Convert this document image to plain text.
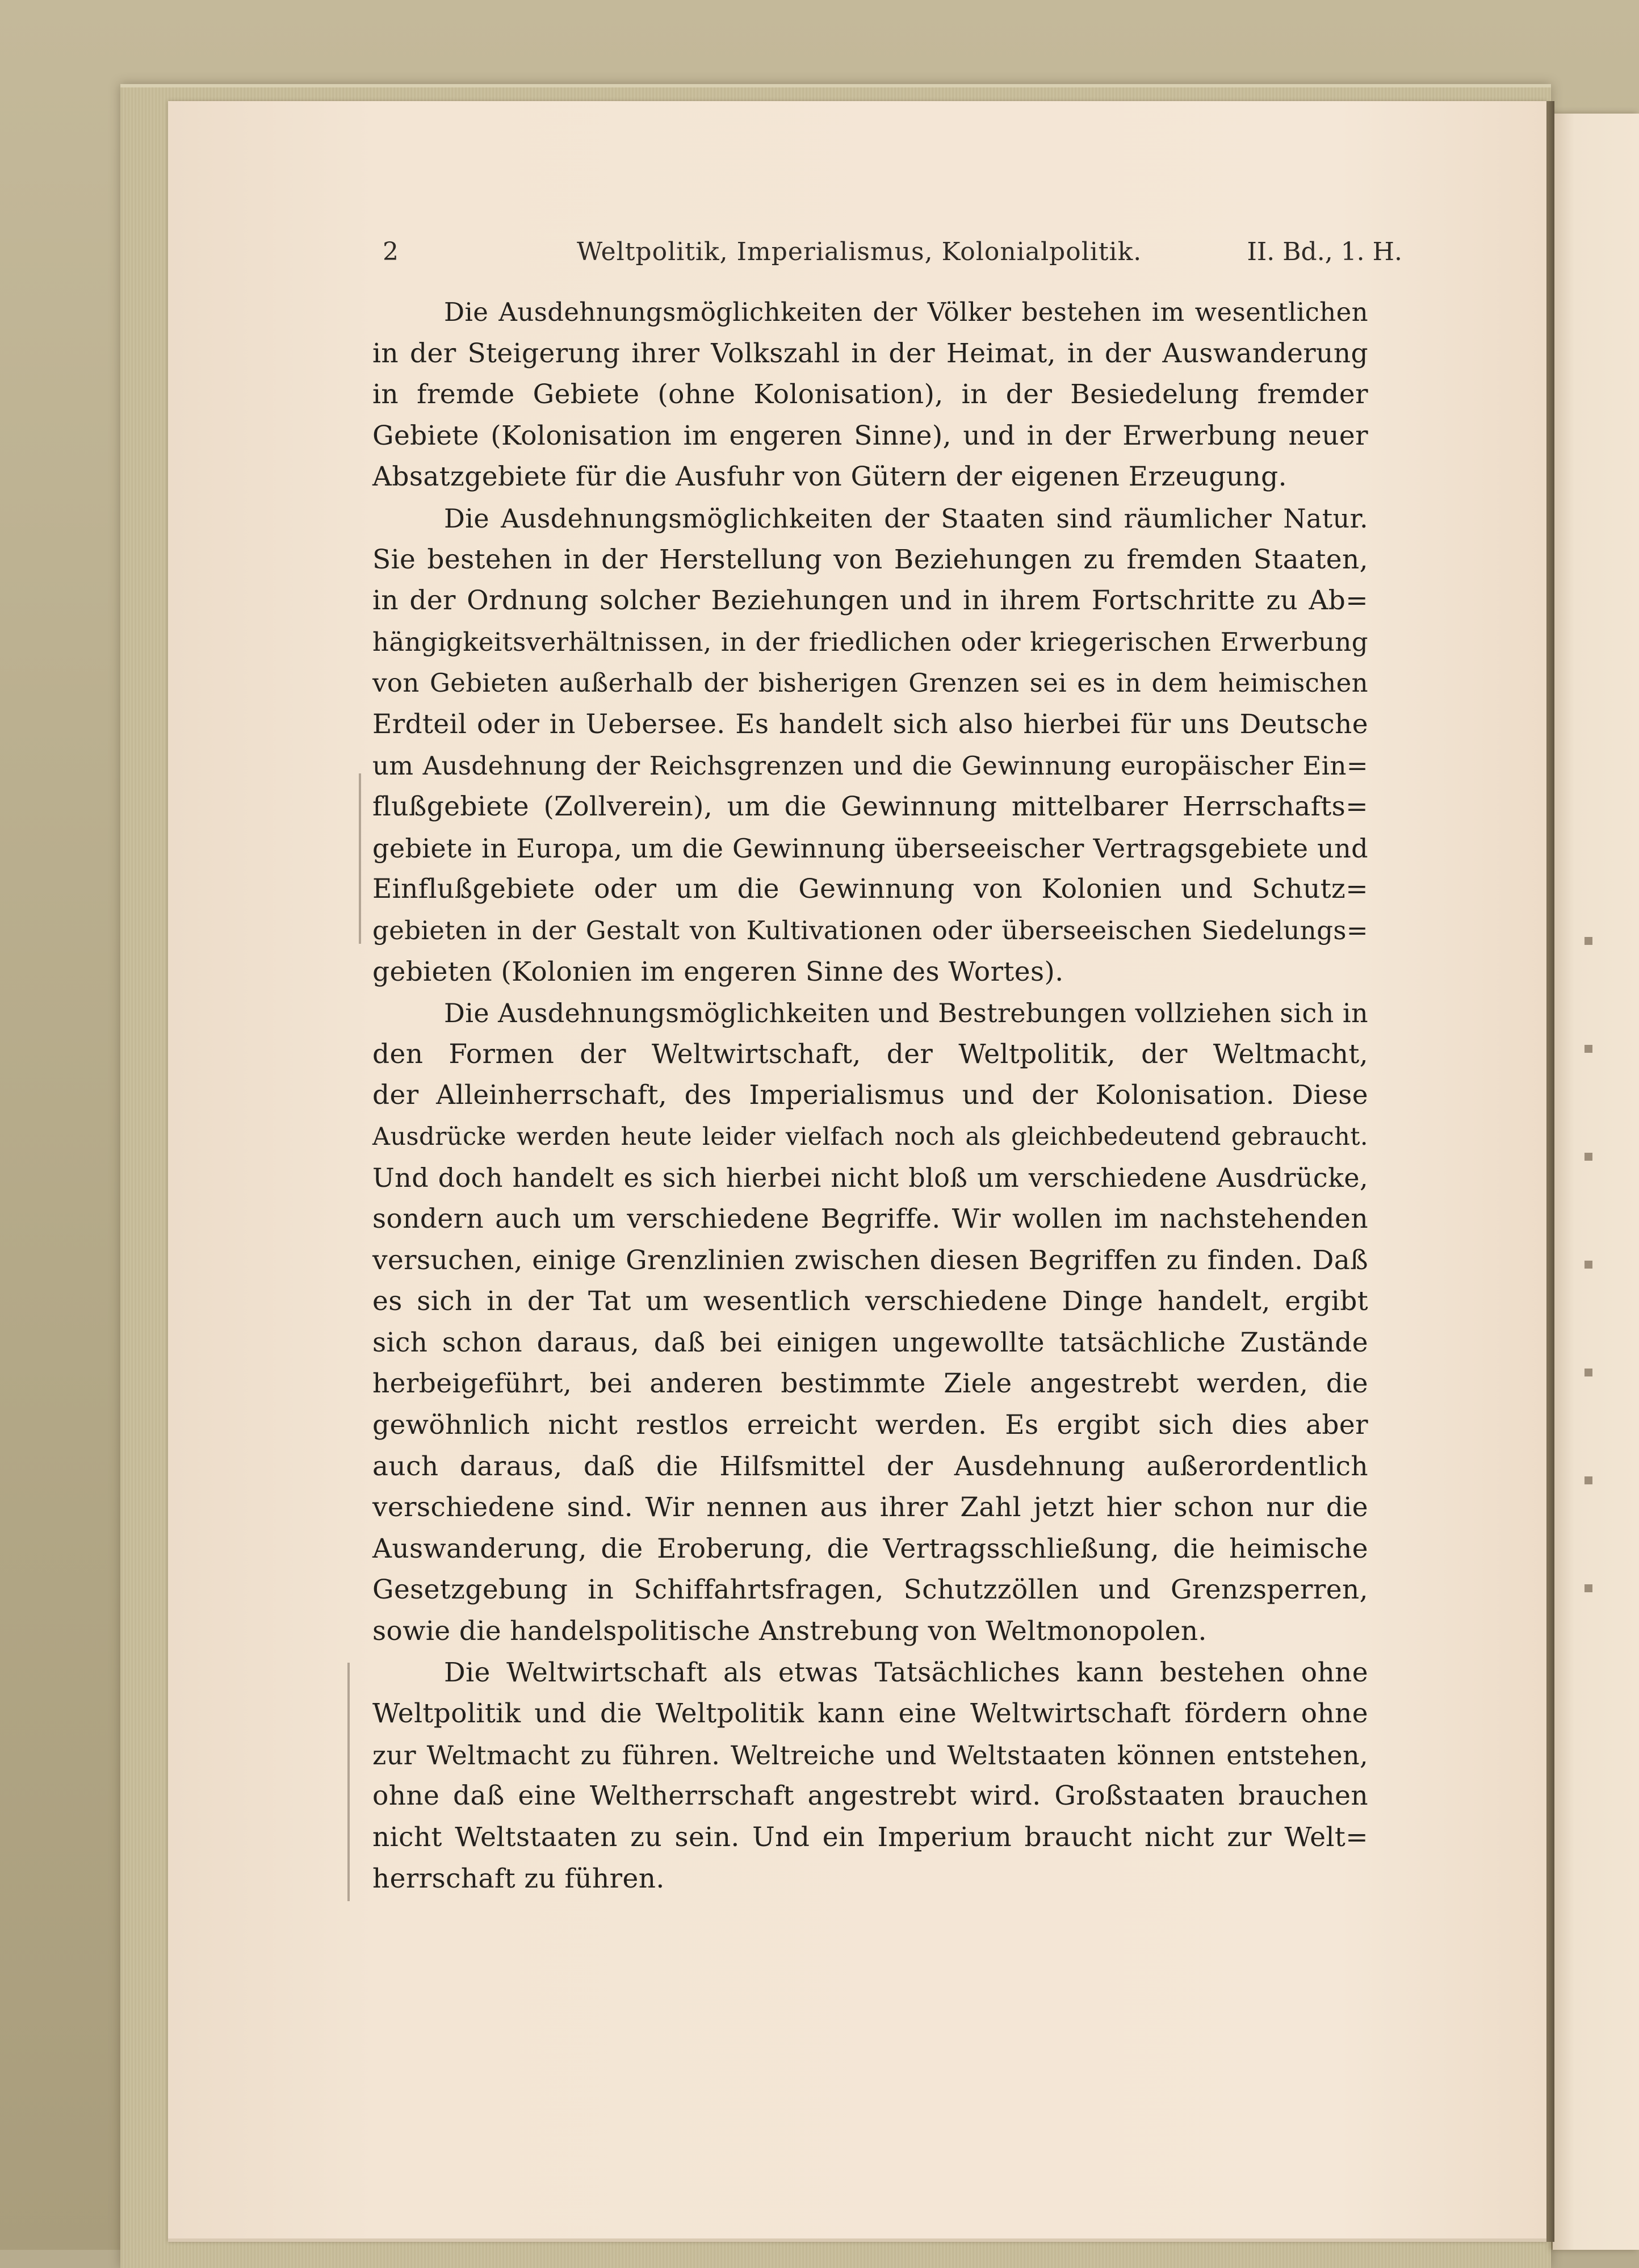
2	Weltpolitik, Imperialismus, Kolonialpolitik.	II. Bd., 1. H.
Die Ausdehnungsmöglichkeiten der Völker bestehen im wesentlichen
in der Steigerung ihrer Volkszahl in der Heimat, in der Auswanderung
in fremde Gebiete (ohne Kolonisation), in der Besiedelung fremder
Gebiete (Kolonisation im engeren Sinne), und in der Erwerbung neuer
Absatzgebiete für die Ausfuhr von Gütern der eigenen Erzeugung.
Die Ausdehnungsmöglichkeiten der Staaten sind räumlicher Natur.
Sie bestehen in der Herstellung von Beziehungen zu fremden Staaten,
in der Ordnung solcher Beziehungen und in ihrem Fortschritte zu Ab=
hängigkeitsverhältnissen, in der friedlichen oder kriegerischen Erwerbung
von Gebieten außerhalb der bisherigen Grenzen sei es in dem heimischen
Erdteil oder in Uebersee. Es handelt sich also hierbei für uns Deutsche
um Ausdehnung der Reichsgrenzen und die Gewinnung europäischer Ein=
flußgebiete (Zollverein), um die Gewinnung mittelbarer Herrschafts=
gebiete in Europa, um die Gewinnung überseeischer Vertragsgebiete und
Einflußgebiete oder um die Gewinnung von Kolonien und Schutz=
gebieten in der Gestalt von Kultivationen oder überseeischen Siedelungs=
gebieten (Kolonien im engeren Sinne des Wortes).
Die Ausdehnungsmöglichkeiten und Bestrebungen vollziehen sich in
den Formen der Weltwirtschaft, der Weltpolitik, der Weltmacht,
der Alleinherrschaft, des Imperialismus und der Kolonisation. Diese
Ausdrücke werden heute leider vielfach noch als gleichbedeutend gebraucht.
Und doch handelt es sich hierbei nicht bloß um verschiedene Ausdrücke,
sondern auch um verschiedene Begriffe. Wir wollen im nachstehenden
versuchen, einige Grenzlinien zwischen diesen Begriffen zu finden. Daß
es sich in der Tat um wesentlich verschiedene Dinge handelt, ergibt
sich schon daraus, daß bei einigen ungewollte tatsächliche Zustände
herbeigeführt, bei anderen bestimmte Ziele angestrebt werden, die
gewöhnlich nicht restlos erreicht werden. Es ergibt sich dies aber
auch daraus, daß die Hilfsmittel der Ausdehnung außerordentlich
verschiedene sind. Wir nennen aus ihrer Zahl jetzt hier schon nur die
Auswanderung, die Eroberung, die Vertragsschließung, die heimische
Gesetzgebung in Schiffahrtsfragen, Schutzzöllen und Grenzsperren,
sowie die handelspolitische Anstrebung von Weltmonopolen.
Die Weltwirtschaft als etwas Tatsächliches kann bestehen ohne
Weltpolitik und die Weltpolitik kann eine Weltwirtschaft fördern ohne
zur Weltmacht zu führen. Weltreiche und Weltstaaten können entstehen,
ohne daß eine Weltherrschaft angestrebt wird. Großstaaten brauchen
nicht Weltstaaten zu sein. Und ein Imperium braucht nicht zur Welt=
herrschaft zu führen.
